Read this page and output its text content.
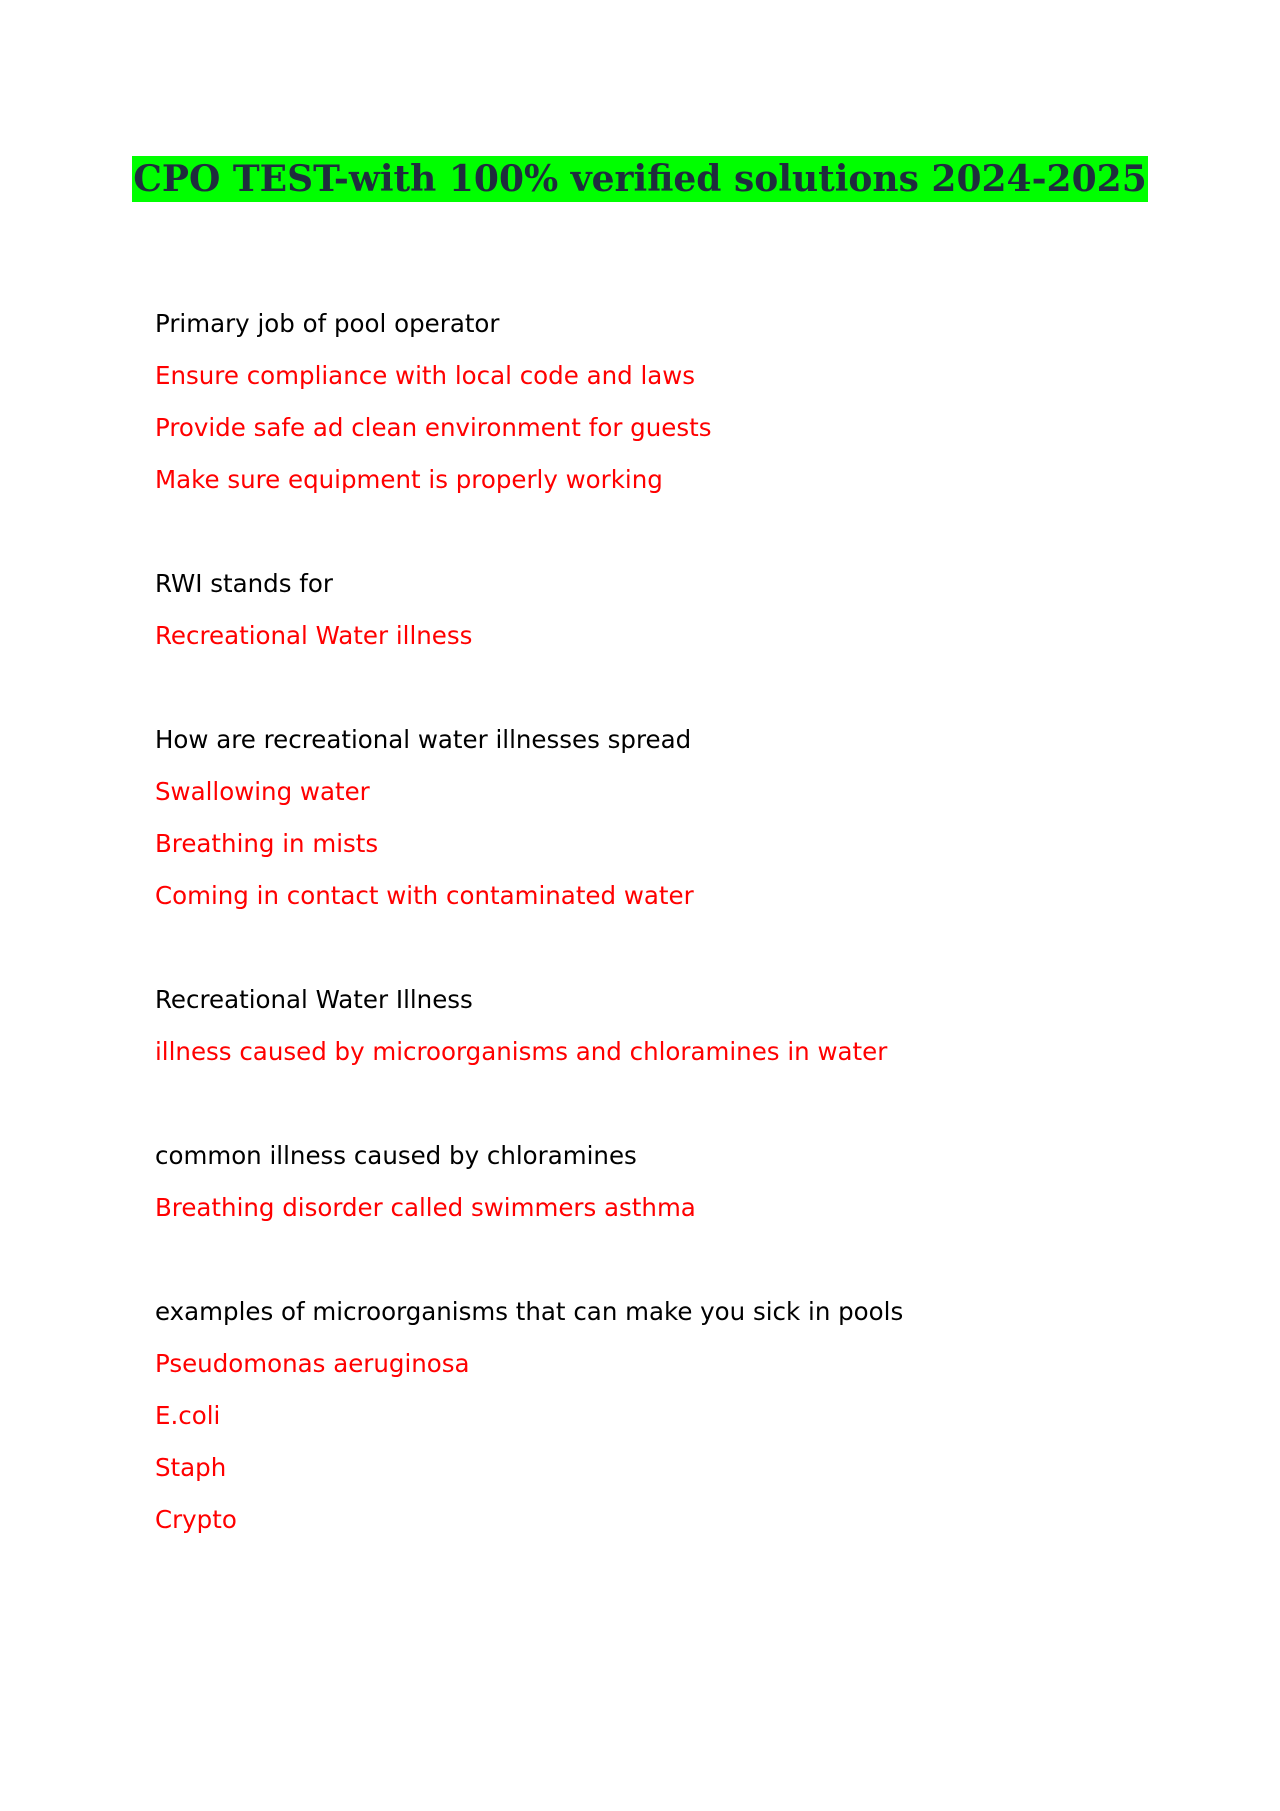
CPO TEST-with 100% verified solutions 2024-2025
Primary job of pool operator
Ensure compliance with local code and laws
Provide safe ad clean environment for guests
Make sure equipment is properly working
RWI stands for
Recreational Water illness
How are recreational water illnesses spread
Swallowing water
Breathing in mists
Coming in contact with contaminated water
Recreational Water Illness
illness caused by microorganisms and chloramines in water
common illness caused by chloramines
Breathing disorder called swimmers asthma
examples of microorganisms that can make you sick in pools
Pseudomonas aeruginosa
E.coli
Staph
Crypto
